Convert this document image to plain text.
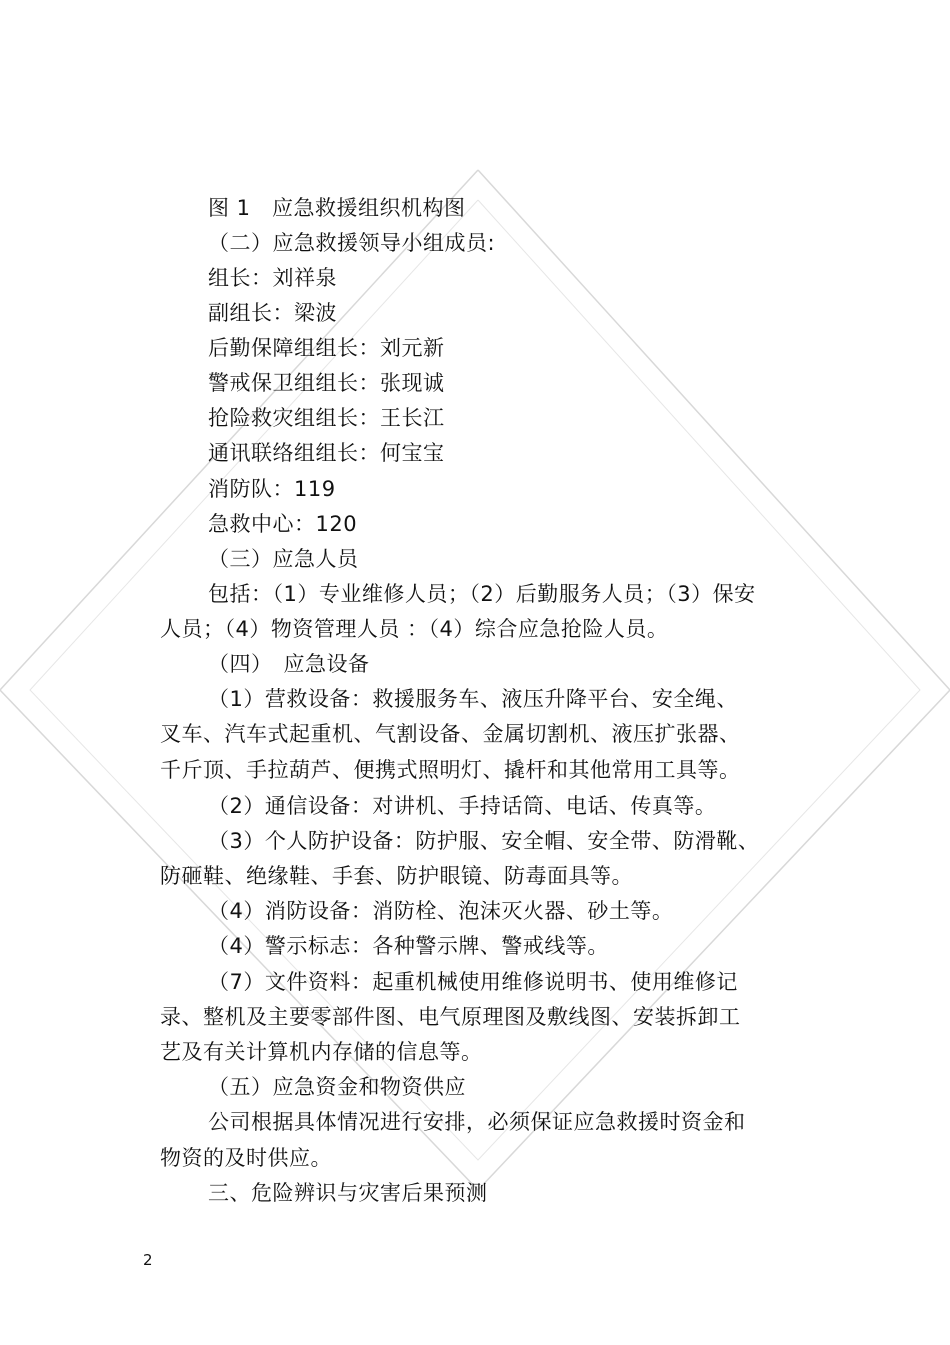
图 1　应急救援组织机构图
（二）应急救援领导小组成员:
组长：刘祥泉
副组长：梁波
后勤保障组组长：刘元新
警戒保卫组组长：张现诚
抢险救灾组组长：王长江
通讯联络组组长：何宝宝
消防队：119
急救中心：120
（三）应急人员
包括：（1）专业维修人员；（2）后勤服务人员；（3）保安
人员；（4）物资管理人员 ：（4）综合应急抢险人员。
（四）　应急设备
（1）营救设备：救援服务车、液压升降平台、安全绳、
叉车、汽车式起重机、气割设备、金属切割机、液压扩张器、
千斤顶、手拉葫芦、便携式照明灯、撬杆和其他常用工具等。
（2）通信设备：对讲机、手持话筒、电话、传真等。
（3）个人防护设备：防护服、安全帽、安全带、防滑靴、
防砸鞋、绝缘鞋、手套、防护眼镜、防毒面具等。
（4）消防设备：消防栓、泡沫灭火器、砂土等。
（4）警示标志：各种警示牌、警戒线等。
（7）文件资料：起重机械使用维修说明书、使用维修记
录、整机及主要零部件图、电气原理图及敷线图、安装拆卸工
艺及有关计算机内存储的信息等。
（五）应急资金和物资供应
公司根据具体情况进行安排，必须保证应急救援时资金和
物资的及时供应。
三、危险辨识与灾害后果预测
2
